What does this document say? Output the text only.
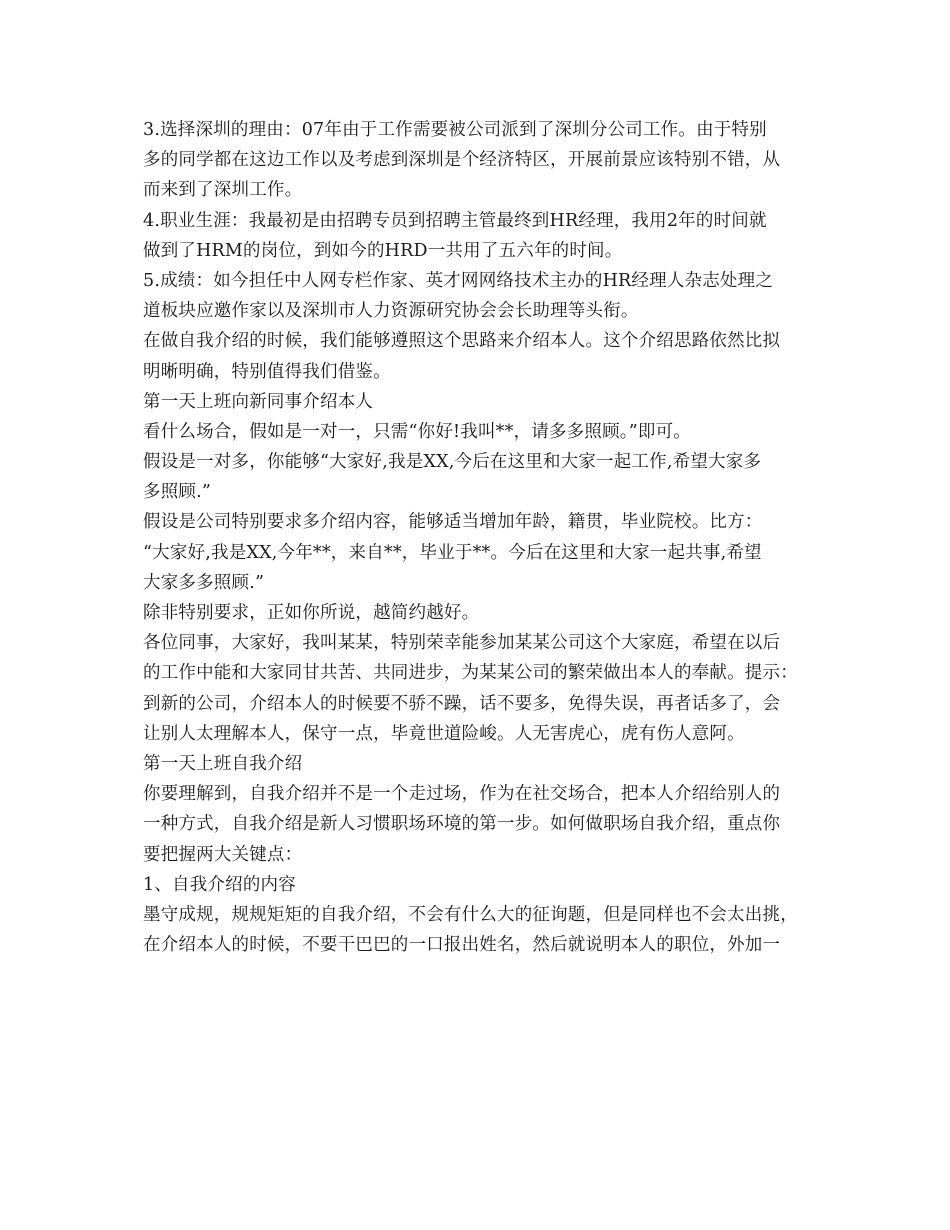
3.选择深圳的理由：07年由于工作需要被公司派到了深圳分公司工作。由于特别
多的同学都在这边工作以及考虑到深圳是个经济特区，开展前景应该特别不错，从
而来到了深圳工作。
4.职业生涯：我最初是由招聘专员到招聘主管最终到HR经理，我用2年的时间就
做到了HRM的岗位，到如今的HRD一共用了五六年的时间。
5.成绩：如今担任中人网专栏作家、英才网网络技术主办的HR经理人杂志处理之
道板块应邀作家以及深圳市人力资源研究协会会长助理等头衔。
在做自我介绍的时候，我们能够遵照这个思路来介绍本人。这个介绍思路依然比拟
明晰明确，特别值得我们借鉴。
第一天上班向新同事介绍本人
看什么场合，假如是一对一，只需“你好!我叫**，请多多照顾。”即可。
假设是一对多，你能够“大家好,我是XX,今后在这里和大家一起工作,希望大家多
多照顾.”
假设是公司特别要求多介绍内容，能够适当增加年龄，籍贯，毕业院校。比方：
“大家好,我是XX,今年**，来自**，毕业于**。今后在这里和大家一起共事,希望
大家多多照顾.”
除非特别要求，正如你所说，越简约越好。
各位同事，大家好，我叫某某，特别荣幸能参加某某公司这个大家庭，希望在以后
的工作中能和大家同甘共苦、共同进步，为某某公司的繁荣做出本人的奉献。提示：
到新的公司，介绍本人的时候要不骄不躁，话不要多，免得失误，再者话多了，会
让别人太理解本人，保守一点，毕竟世道险峻。人无害虎心，虎有伤人意阿。
第一天上班自我介绍
你要理解到，自我介绍并不是一个走过场，作为在社交场合，把本人介绍给别人的
一种方式，自我介绍是新人习惯职场环境的第一步。如何做职场自我介绍，重点你
要把握两大关键点：
1、自我介绍的内容
墨守成规，规规矩矩的自我介绍，不会有什么大的征询题，但是同样也不会太出挑，
在介绍本人的时候，不要干巴巴的一口报出姓名，然后就说明本人的职位，外加一
